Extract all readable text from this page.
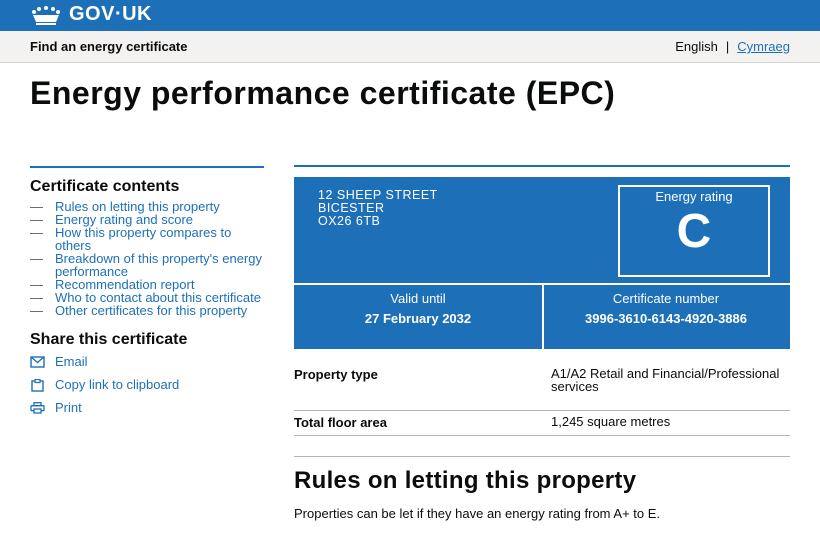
GOV·UK
Find an energy certificate	English | Cymraeg
Energy performance certificate (EPC)
Certificate contents
— Rules on letting this property
— Energy rating and score
— How this property compares to others
— Breakdown of this property's energy performance
— Recommendation report
— Who to contact about this certificate
— Other certificates for this property
Share this certificate
Email
Copy link to clipboard
Print
12 SHEEP STREET
BICESTER
OX26 6TB
Energy rating
C
Valid until
27 February 2032
Certificate number
3996-3610-6143-4920-3886
Property type	A1/A2 Retail and Financial/Professional services
Total floor area	1,245 square metres
Rules on letting this property

Properties can be let if they have an energy rating from A+ to E.
